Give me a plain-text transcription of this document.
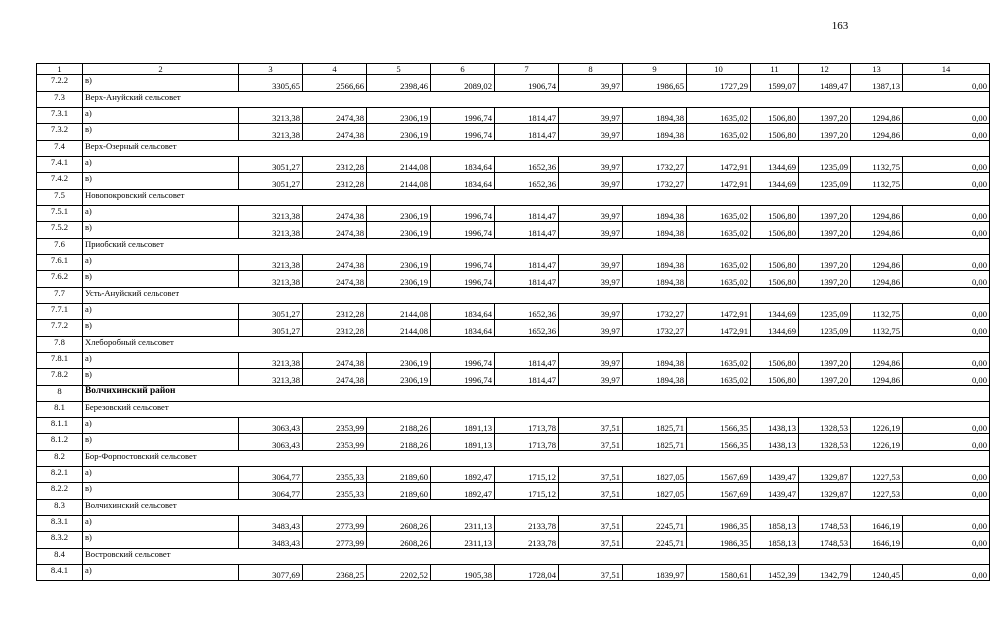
163
1	2	3	4	5	6	7	8	9	10	11	12	13	14
7.2.2	в)	3305,65	2566,66	2398,46	2089,02	1906,74	39,97	1986,65	1727,29	1599,07	1489,47	1387,13	0,00
7.3	Верх-Ануйский сельсовет												
7.3.1	а)	3213,38	2474,38	2306,19	1996,74	1814,47	39,97	1894,38	1635,02	1506,80	1397,20	1294,86	0,00
7.3.2	в)	3213,38	2474,38	2306,19	1996,74	1814,47	39,97	1894,38	1635,02	1506,80	1397,20	1294,86	0,00
7.4	Верх-Озерный сельсовет												
7.4.1	а)	3051,27	2312,28	2144,08	1834,64	1652,36	39,97	1732,27	1472,91	1344,69	1235,09	1132,75	0,00
7.4.2	в)	3051,27	2312,28	2144,08	1834,64	1652,36	39,97	1732,27	1472,91	1344,69	1235,09	1132,75	0,00
7.5	Новопокровский сельсовет												
7.5.1	а)	3213,38	2474,38	2306,19	1996,74	1814,47	39,97	1894,38	1635,02	1506,80	1397,20	1294,86	0,00
7.5.2	в)	3213,38	2474,38	2306,19	1996,74	1814,47	39,97	1894,38	1635,02	1506,80	1397,20	1294,86	0,00
7.6	Приобский сельсовет												
7.6.1	а)	3213,38	2474,38	2306,19	1996,74	1814,47	39,97	1894,38	1635,02	1506,80	1397,20	1294,86	0,00
7.6.2	в)	3213,38	2474,38	2306,19	1996,74	1814,47	39,97	1894,38	1635,02	1506,80	1397,20	1294,86	0,00
7.7	Усть-Ануйский сельсовет												
7.7.1	а)	3051,27	2312,28	2144,08	1834,64	1652,36	39,97	1732,27	1472,91	1344,69	1235,09	1132,75	0,00
7.7.2	в)	3051,27	2312,28	2144,08	1834,64	1652,36	39,97	1732,27	1472,91	1344,69	1235,09	1132,75	0,00
7.8	Хлеборобный сельсовет												
7.8.1	а)	3213,38	2474,38	2306,19	1996,74	1814,47	39,97	1894,38	1635,02	1506,80	1397,20	1294,86	0,00
7.8.2	в)	3213,38	2474,38	2306,19	1996,74	1814,47	39,97	1894,38	1635,02	1506,80	1397,20	1294,86	0,00
8	Волчихинский район												
8.1	Березовский сельсовет												
8.1.1	а)	3063,43	2353,99	2188,26	1891,13	1713,78	37,51	1825,71	1566,35	1438,13	1328,53	1226,19	0,00
8.1.2	в)	3063,43	2353,99	2188,26	1891,13	1713,78	37,51	1825,71	1566,35	1438,13	1328,53	1226,19	0,00
8.2	Бор-Форпостовский сельсовет												
8.2.1	а)	3064,77	2355,33	2189,60	1892,47	1715,12	37,51	1827,05	1567,69	1439,47	1329,87	1227,53	0,00
8.2.2	в)	3064,77	2355,33	2189,60	1892,47	1715,12	37,51	1827,05	1567,69	1439,47	1329,87	1227,53	0,00
8.3	Волчихинский сельсовет												
8.3.1	а)	3483,43	2773,99	2608,26	2311,13	2133,78	37,51	2245,71	1986,35	1858,13	1748,53	1646,19	0,00
8.3.2	в)	3483,43	2773,99	2608,26	2311,13	2133,78	37,51	2245,71	1986,35	1858,13	1748,53	1646,19	0,00
8.4	Востровский сельсовет												
8.4.1	а)	3077,69	2368,25	2202,52	1905,38	1728,04	37,51	1839,97	1580,61	1452,39	1342,79	1240,45	0,00
